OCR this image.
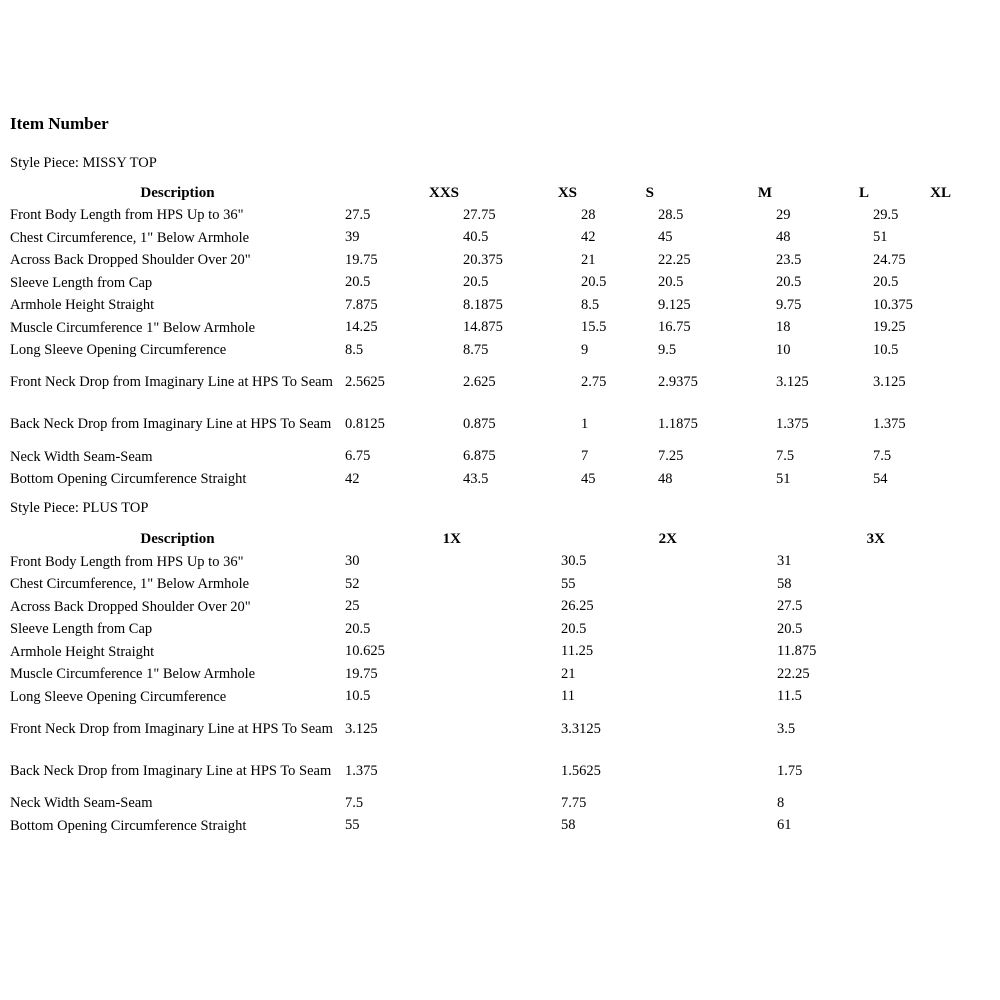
Item Number
Style Piece: MISSY TOP
Description	XXS	XS	S	M	L	XL
Front Body Length from HPS Up to 36"	27.5	27.75	28	28.5	29	29.5
Chest Circumference, 1" Below Armhole	39	40.5	42	45	48	51
Across Back Dropped Shoulder Over 20"	19.75	20.375	21	22.25	23.5	24.75
Sleeve Length from Cap	20.5	20.5	20.5	20.5	20.5	20.5
Armhole Height Straight	7.875	8.1875	8.5	9.125	9.75	10.375
Muscle Circumference 1" Below Armhole	14.25	14.875	15.5	16.75	18	19.25
Long Sleeve Opening Circumference	8.5	8.75	9	9.5	10	10.5
Front Neck Drop from Imaginary Line at HPS To Seam	2.5625	2.625	2.75	2.9375	3.125	3.125
Back Neck Drop from Imaginary Line at HPS To Seam	0.8125	0.875	1	1.1875	1.375	1.375
Neck Width Seam-Seam	6.75	6.875	7	7.25	7.5	7.5
Bottom Opening Circumference Straight	42	43.5	45	48	51	54
Style Piece: PLUS TOP
Description	1X	2X	3X
Front Body Length from HPS Up to 36"	30	30.5	31
Chest Circumference, 1" Below Armhole	52	55	58
Across Back Dropped Shoulder Over 20"	25	26.25	27.5
Sleeve Length from Cap	20.5	20.5	20.5
Armhole Height Straight	10.625	11.25	11.875
Muscle Circumference 1" Below Armhole	19.75	21	22.25
Long Sleeve Opening Circumference	10.5	11	11.5
Front Neck Drop from Imaginary Line at HPS To Seam	3.125	3.3125	3.5
Back Neck Drop from Imaginary Line at HPS To Seam	1.375	1.5625	1.75
Neck Width Seam-Seam	7.5	7.75	8
Bottom Opening Circumference Straight	55	58	61
